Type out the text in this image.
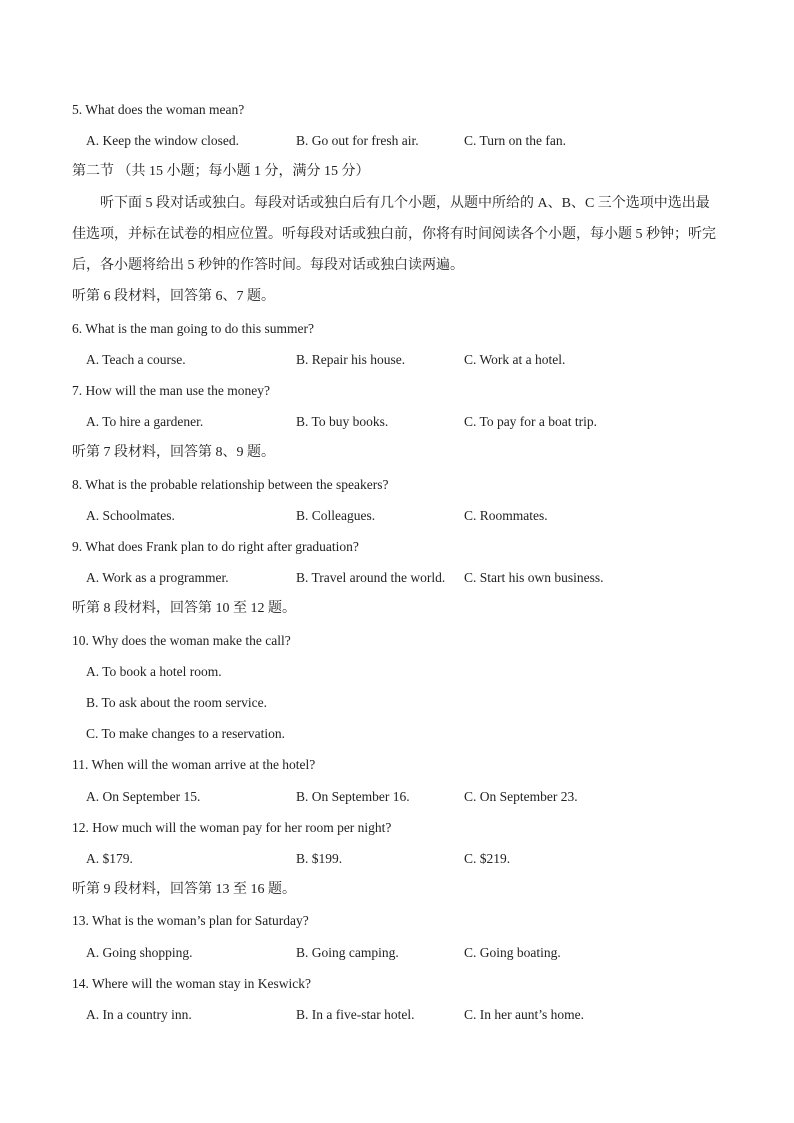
5. What does the woman mean?
A. Keep the window closed.	B. Go out for fresh air.	C. Turn on the fan.
第二节 （共 15 小题；每小题 1 分，满分 15 分）
听下面 5 段对话或独白。每段对话或独白后有几个小题，从题中所给的 A、B、C 三个选项中选出最佳选项，并标在试卷的相应位置。听每段对话或独白前，你将有时间阅读各个小题，每小题 5 秒钟；听完后，各小题将给出 5 秒钟的作答时间。每段对话或独白读两遍。
听第 6 段材料，回答第 6、7 题。
6. What is the man going to do this summer?
A. Teach a course.	B. Repair his house.	C. Work at a hotel.
7. How will the man use the money?
A. To hire a gardener.	B. To buy books.	C. To pay for a boat trip.
听第 7 段材料，回答第 8、9 题。
8. What is the probable relationship between the speakers?
A. Schoolmates.	B. Colleagues.	C. Roommates.
9. What does Frank plan to do right after graduation?
A. Work as a programmer.	B. Travel around the world. C. Start his own business.
听第 8 段材料，回答第 10 至 12 题。
10. Why does the woman make the call?
A. To book a hotel room.
B. To ask about the room service.
C. To make changes to a reservation.
11. When will the woman arrive at the hotel?
A. On September 15.	B. On September 16.	C. On September 23.
12. How much will the woman pay for her room per night?
A. $179.	B. $199.	C. $219.
听第 9 段材料，回答第 13 至 16 题。
13. What is the woman’s plan for Saturday?
A. Going shopping.	B. Going camping.	C. Going boating.
14. Where will the woman stay in Keswick?
A. In a country inn.	B. In a five-star hotel.	C. In her aunt’s home.
